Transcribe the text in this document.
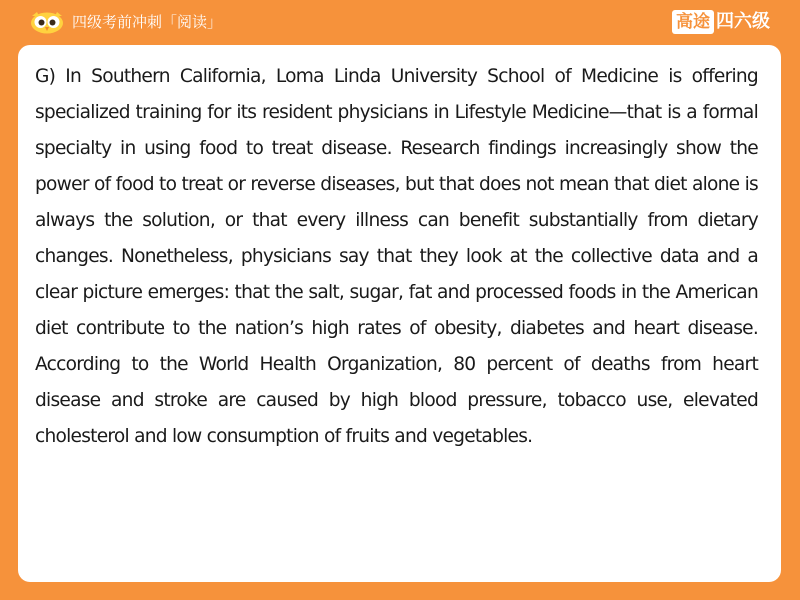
四级考前冲刺「阅读」	高途 四六级

G) In Southern California, Loma Linda University School of Medicine is offering specialized training for its resident physicians in Lifestyle Medicine—that is a formal specialty in using food to treat disease. Research findings increasingly show the power of food to treat or reverse diseases, but that does not mean that diet alone is always the solution, or that every illness can benefit substantially from dietary changes. Nonetheless, physicians say that they look at the collective data and a clear picture emerges: that the salt, sugar, fat and processed foods in the American diet contribute to the nation’s high rates of obesity, diabetes and heart disease. According to the World Health Organization, 80 percent of deaths from heart disease and stroke are caused by high blood pressure, tobacco use, elevated cholesterol and low consumption of fruits and vegetables.
